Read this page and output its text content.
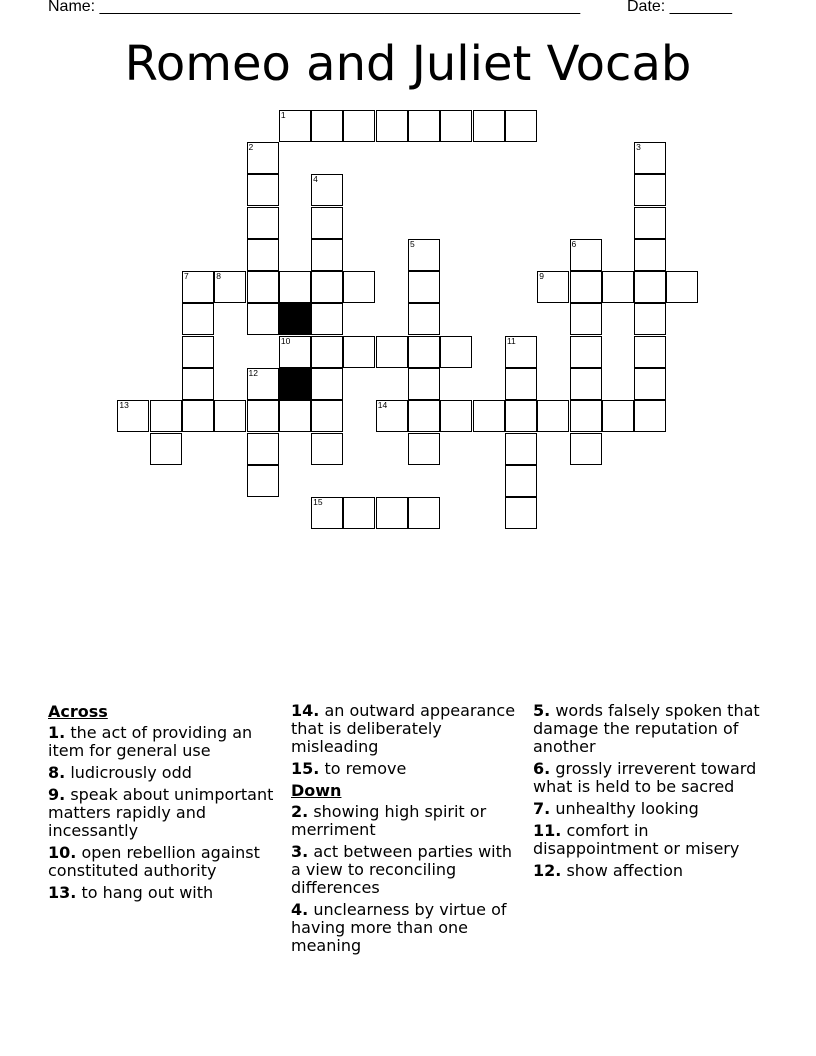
Name: ______________________________________________________	Date: _______
Romeo and Juliet Vocab
1
2	3
4
5	6
7	8	9
10	11
12
13	14
15
Across
1. the act of providing an item for general use
8. ludicrously odd
9. speak about unimportant matters rapidly and incessantly
10. open rebellion against constituted authority
13. to hang out with
14. an outward appearance that is deliberately misleading
15. to remove
Down
2. showing high spirit or merriment
3. act between parties with a view to reconciling differences
4. unclearness by virtue of having more than one meaning
5. words falsely spoken that damage the reputation of another
6. grossly irreverent toward what is held to be sacred
7. unhealthy looking
11. comfort in disappointment or misery
12. show affection
